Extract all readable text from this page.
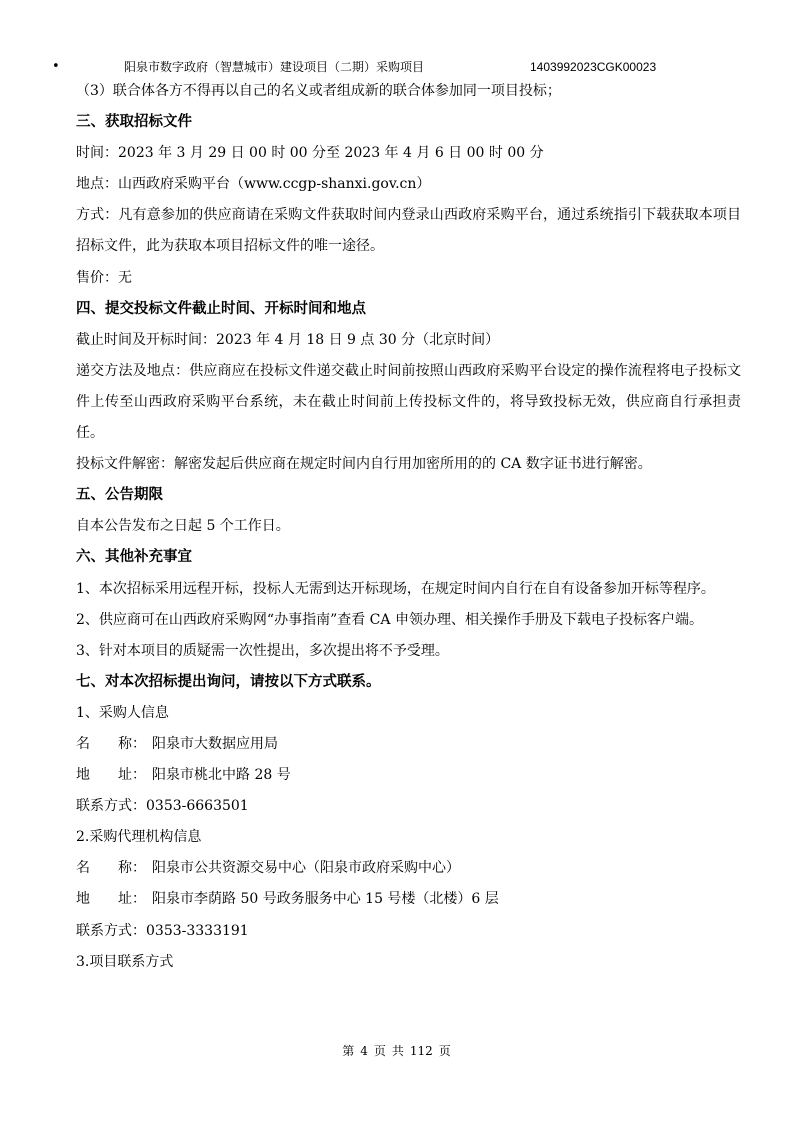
•	阳泉市数字政府（智慧城市）建设项目（二期）采购项目	1403992023CGK00023

（3）联合体各方不得再以自己的名义或者组成新的联合体参加同一项目投标；

三、获取招标文件

时间：2023 年 3 月 29 日 00 时 00 分至 2023 年 4 月 6 日 00 时 00 分

地点：山西政府采购平台（www.ccgp-shanxi.gov.cn）

方式：凡有意参加的供应商请在采购文件获取时间内登录山西政府采购平台，通过系统指引下载获取本项目招标文件，此为获取本项目招标文件的唯一途径。

售价：无

四、提交投标文件截止时间、开标时间和地点

截止时间及开标时间：2023 年 4 月 18 日 9 点 30 分（北京时间）

递交方法及地点：供应商应在投标文件递交截止时间前按照山西政府采购平台设定的操作流程将电子投标文件上传至山西政府采购平台系统，未在截止时间前上传投标文件的，将导致投标无效，供应商自行承担责任。

投标文件解密：解密发起后供应商在规定时间内自行用加密所用的的 CA 数字证书进行解密。

五、公告期限

自本公告发布之日起 5 个工作日。

六、其他补充事宜

1、本次招标采用远程开标，投标人无需到达开标现场，在规定时间内自行在自有设备参加开标等程序。

2、供应商可在山西政府采购网“办事指南”查看 CA 申领办理、相关操作手册及下载电子投标客户端。

3、针对本项目的质疑需一次性提出，多次提出将不予受理。

七、对本次招标提出询问，请按以下方式联系。

1、采购人信息

名　　称： 阳泉市大数据应用局

地　　址： 阳泉市桃北中路 28 号

联系方式：0353-6663501

2.采购代理机构信息

名　　称： 阳泉市公共资源交易中心（阳泉市政府采购中心）

地　　址： 阳泉市李荫路 50 号政务服务中心 15 号楼（北楼）6 层

联系方式：0353-3333191

3.项目联系方式

第 4 页 共 112 页
